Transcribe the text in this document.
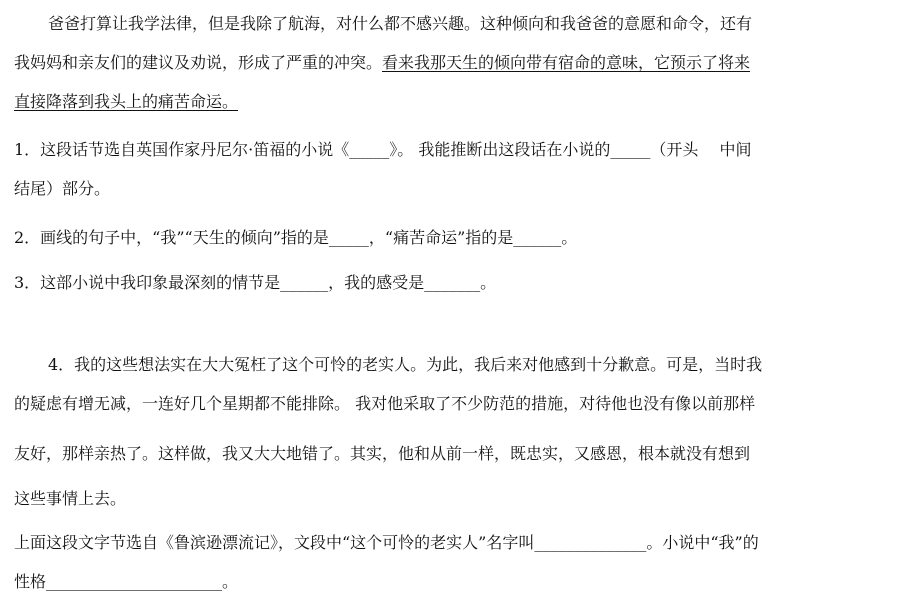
爸爸打算让我学法律，但是我除了航海，对什么都不感兴趣。这种倾向和我爸爸的意愿和命令，还有
我妈妈和亲友们的建议及劝说，形成了严重的冲突。看来我那天生的倾向带有宿命的意味，它预示了将来
直接降落到我头上的痛苦命运。
1．这段话节选自英国作家丹尼尔·笛福的小说《_____》。 我能推断出这段话在小说的_____（开头　 中间
结尾）部分。
2．画线的句子中，“我”“天生的倾向”指的是_____，“痛苦命运”指的是______。
3．这部小说中我印象最深刻的情节是______，我的感受是_______。
4．我的这些想法实在大大冤枉了这个可怜的老实人。为此，我后来对他感到十分歉意。可是，当时我
的疑虑有增无减，一连好几个星期都不能排除。 我对他采取了不少防范的措施，对待他也没有像以前那样
友好，那样亲热了。这样做，我又大大地错了。其实，他和从前一样，既忠实，又感恩，根本就没有想到
这些事情上去。
上面这段文字节选自《鲁滨逊漂流记》，文段中“这个可怜的老实人”名字叫______________。小说中“我”的
性格______________________。
